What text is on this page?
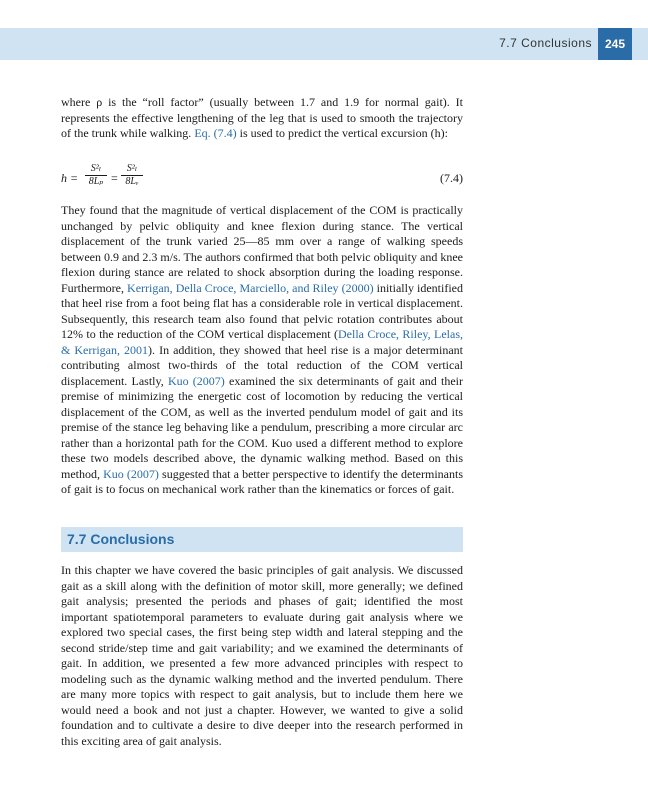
7.7 Conclusions	245

where ρ is the “roll factor” (usually between 1.7 and 1.9 for normal gait). It represents the effective lengthening of the leg that is used to smooth the trajectory of the trunk while walking. Eq. (7.4) is used to predict the vertical excursion (h):

$h = \frac{\text{S²ₗ}}{\text{8Lₚ}} = \frac{\text{S²ₗ}}{\text{8Lᵥ}}$	(7.4)

They found that the magnitude of vertical displacement of the COM is practically unchanged by pelvic obliquity and knee flexion during stance. The vertical displacement of the trunk varied 25—85 mm over a range of walking speeds between 0.9 and 2.3 m/s. The authors confirmed that both pelvic obliquity and knee flexion during stance are related to shock absorption during the loading response. Furthermore, Kerrigan, Della Croce, Marciello, and Riley (2000) initially identified that heel rise from a foot being flat has a considerable role in vertical displacement. Subsequently, this research team also found that pelvic rotation contributes about 12% to the reduction of the COM vertical displacement (Della Croce, Riley, Lelas, & Kerrigan, 2001). In addition, they showed that heel rise is a major determinant contributing almost two-thirds of the total reduction of the COM vertical displacement. Lastly, Kuo (2007) examined the six determinants of gait and their premise of minimizing the energetic cost of locomotion by reducing the vertical displacement of the COM, as well as the inverted pendulum model of gait and its premise of the stance leg behaving like a pendulum, prescribing a more circular arc rather than a horizontal path for the COM. Kuo used a different method to explore these two models described above, the dynamic walking method. Based on this method, Kuo (2007) suggested that a better perspective to identify the determinants of gait is to focus on mechanical work rather than the kinematics or forces of gait.

7.7 Conclusions

In this chapter we have covered the basic principles of gait analysis. We discussed gait as a skill along with the definition of motor skill, more generally; we defined gait analysis; presented the periods and phases of gait; identified the most important spatiotemporal parameters to evaluate during gait analysis where we explored two special cases, the first being step width and lateral stepping and the second stride/step time and gait variability; and we examined the determinants of gait. In addition, we presented a few more advanced principles with respect to modeling such as the dynamic walking method and the inverted pendulum. There are many more topics with respect to gait analysis, but to include them here we would need a book and not just a chapter. However, we wanted to give a solid foundation and to cultivate a desire to dive deeper into the research performed in this exciting area of gait analysis.
